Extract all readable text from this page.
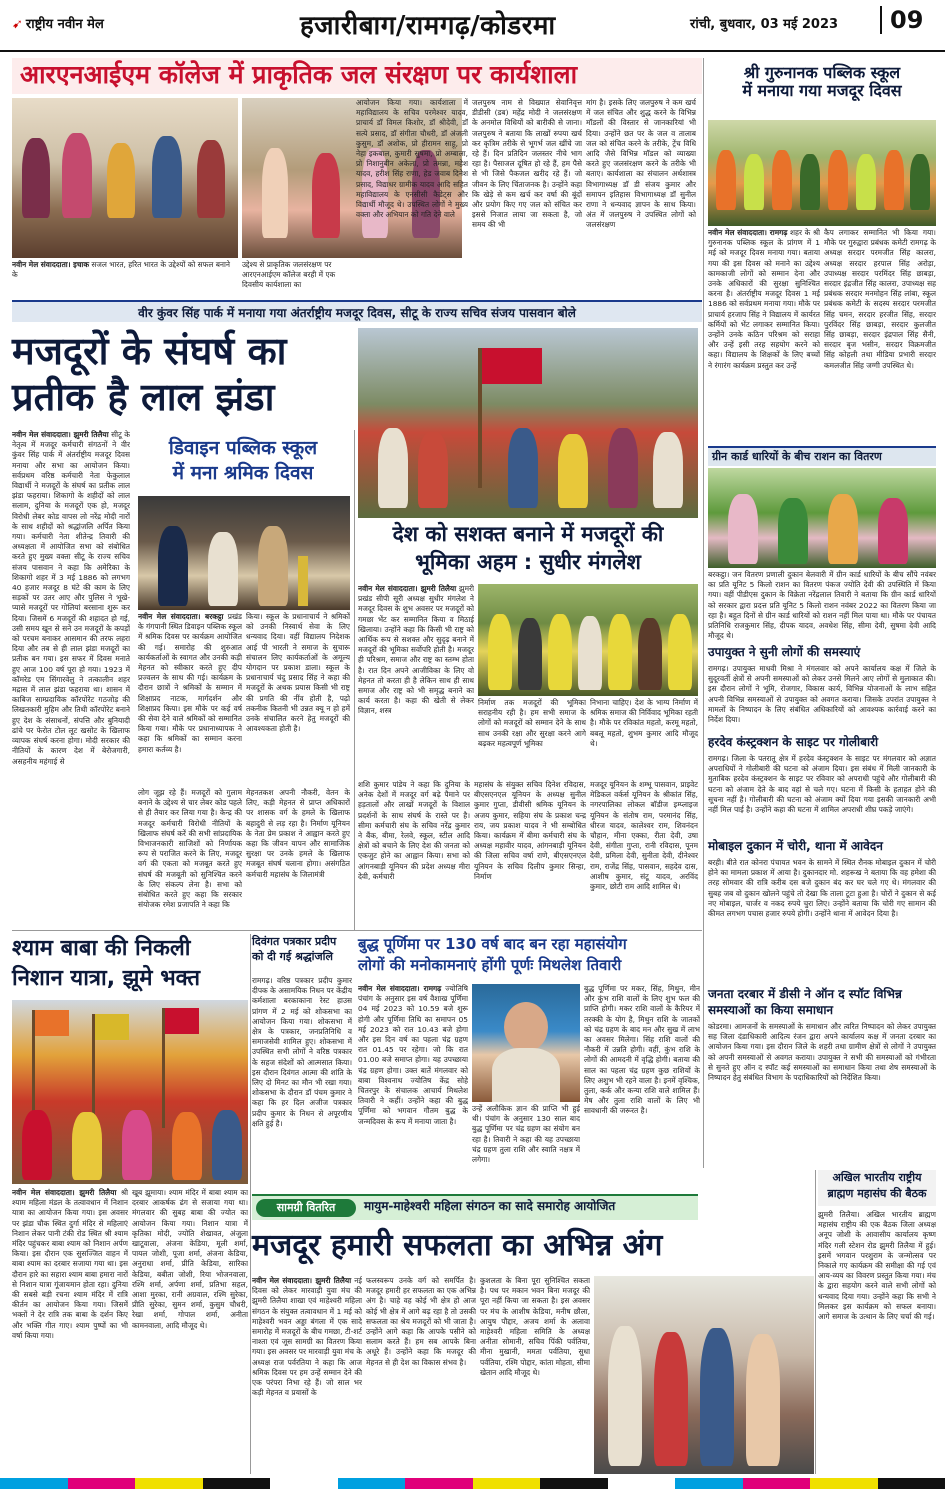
➹ राष्ट्रीय नवीन मेल	हजारीबाग/रामगढ़/कोडरमा	रांची, बुधवार, 03 मई 2023	09
आरएनआईएम कॉलेज में प्राकृतिक जल संरक्षण पर कार्यशाला
नवीन मेल संवाददाता। इचाक सजल भारत, हरित भारत के उद्देश्यों को सफल बनाने के
उद्देश्य से प्राकृतिक जलसंरक्षण पर आरएनआईएम कॉलेज बरही में एक दिवसीय कार्यशाला का
आयोजन किया गया। कार्यशाला में महाविद्यालय के सचिव परमेश्वर यादव, प्राचार्य डॉ विमल किशोर, डॉ श्रीदेवी, डॉ सत्ये प्रसाद, डॉ संगीता चौधरी, डॉ अंजली कुसुम, डॉ अशोक, प्रो हीरामन साहू, प्रो नेहा इकबाल, कुमारी सुषमा, प्रो अम्बाला, प्रो निशानुबीन अकेला, प्रो तमन्ना, महेश यादव, हरीश सिंह राणा, हेड जवाब दिनेश प्रसाद, विद्याधर ग्रामीक यादव आदि सहित महाविद्यालय के एनसीसी कैडेट्स और विद्यार्थी मौजूद थे। उपस्थित लोगों ने मुख्य वक्ता और अभियान को गति देने वाले
जलपुरुष नाम से विख्यात सेवानिवृत्त डीडीसी (डब) महेंद्र मोदी ने जलसंरक्षण के अनमोल विधियों को बारीकी से जाना। जलपुरुष ने बताया कि लाखों रुपया खर्च कर कृत्रिम तरीके से भूगर्भ जल खींचे जा रहे हैं। दिन प्रतिदिन जलस्तर नीचे भाग रहा है। पैसाजल दूषित हो रहे हैं, हम पैसे से भी जिसे पैकजल खरीद रहे हैं। जो जीवन के लिए चिंताजनक है। उन्होंने कहा कि खेड़े से कम खर्च कर वर्षा की बूंदों और प्रयोग किए गए जल को संचित कर इससे निजात लाया जा सकता है, जो समय की भी
मांग है। इसके लिए जलपुरुष ने कम खर्च में जल संचित और शुद्ध करने के विभिन्न मॉडलों की विस्तार से जानकारियां भी दिया। उन्होंने छत पर के जल व तालाब जल को संचित करने के तरीके, ट्रेंच विधि आदि जैसे विभिन्न मॉडल को व्याख्या करते हुए जलसंरक्षण करने के तरीके भी बताए। कार्यशाला का संचालन अर्थशास्त्र विभागाध्यक्ष डॉ डी संजय कुमार और समापन इतिहास विभागाध्यक्ष डॉ सुनील राणा ने धन्यवाद ज्ञापन के साथ किया। अंत में जलपुरुष ने उपस्थित लोगों को जलसंरक्षण
श्री गुरुनानक पब्लिक स्कूल
में मनाया गया मजदूर दिवस
नवीन मेल संवाददाता। रामगढ़ शहर के श्री गुरुनानक पब्लिक स्कूल के प्रांगण में 1 मई को मजदूर दिवस मनाया गया। बताया गया की इस दिवस को मनाने का उद्देश्य कामकाजी लोगों को सम्मान देना और उनके अधिकारों की सुरक्षा सुनिश्चित करना है। अंतर्राष्ट्रीय मजदूर दिवस 1 मई 1886 को सर्वप्रथम मनाया गया। मौके पर प्राचार्य हरजाप सिंह ने विद्यालय में कार्यरत कर्मियों को भेंट लगाकर सम्मानित किया। उन्होंने उनके कठिन परिश्रम को सराहा और उन्हें इसी तरह सहयोग करने को कहा। विद्यालय के शिक्षकों के लिए बच्चों ने रंगारंग कार्यक्रम प्रस्तुत कर उन्हें
कैप लगाकर सम्मानित भी किया गया। मौके पर गुरुद्वारा प्रबंधक कमेटी रामगढ़ के अध्यक्ष सरदार परमजीत सिंह कालरा, अध्यक्ष सरदार हरपाल सिंह अरोड़ा, उपाध्यक्ष सरदार परमिंदर सिंह छाबड़ा, सरदार इंद्रजीत सिंह कालरा, उपाध्यक्ष सह प्रबंधक सरदार मनमोहन सिंह लांबा, स्कूल प्रबंधक कमेटी के सदस्य सरदार परमजीत सिंह चमन, सरदार हरजीत सिंह, सरदार पुरविंदर सिंह छाबड़ा, सरदार कुलजीत सिंह छाबड़ा, सरदार इंद्रपाल सिंह सैनी, सरदार बृज भसीन, सरदार विक्रमजीत सिंह कोहली तथा मीडिया प्रभारी सरदार कमलजीत सिंह जग्गी उपस्थित थे।
वीर कुंवर सिंह पार्क में मनाया गया अंतर्राष्ट्रीय मजदूर दिवस, सीटू के राज्य सचिव संजय पासवान बोले
मजदूरों के संघर्ष का
प्रतीक है लाल झंडा
नवीन मेल संवाददाता। झुमरी तिलैया सीटू के नेतृत्व में मजदूर कर्मचारी संगठनों ने वीर कुंवर सिंह पार्क में अंतर्राष्ट्रीय मजदूर दिवस मनाया और सभा का आयोजन किया। सर्वप्रथम वरिष्ठ कर्मचारी नेता फेकुलाल विद्यार्थी ने मजदूरों के संघर्ष का प्रतीक लाल झंडा फहराया। शिकागो के शहीदों को लाल सलाम, दुनिया के मजदूरों एक हो, मजदूर विरोधी लेबर कोड वापस लो नरेंद्र मोदी नारों के साथ शहीदों को श्रद्धांजलि अर्पित किया गया। कर्मचारी नेता शीतेन्द्र तिवारी की अध्यक्षता में आयोजित सभा को संबोधित करते हुए मुख्य वक्ता सीटू के राज्य सचिव संजय पासवान ने कहा कि अमेरिका के शिकागो शहर में 3 मई 1886 को लगभग 40 हजार मजदूर 8 घंटे की काम के लिए सड़कों पर उतर आए और पुलिस ने भूखे-प्यासे मजदूरों पर गोलियां बरसाना शुरू कर दिया। जिसमें 6 मजदूरों की शहादत हो गई, उसी समय खून से सने उन मजदूरों के कपड़ों को परचम बनाकर आसमान की तरफ लहरा दिया और तब से ही लाल झंडा मजदूरों का प्रतीक बन गया। इस सफर में दिवस मनाते हुए आज 100 वर्ष पूरा हो गया। 1923 में कॉमरेड एम सिंगारवेलु ने तत्कालीन शहर मद्रास में लाल झंडा फहराया था। शासन में काबिज साम्प्रदायिक कॉरपोरेट गठजोड़ की लिखतकारी मुहिम और तिथी कॉरपोरेट बनाने हुए देश के संसाधनों, संपत्ति और बुनियादी ढांचे पर फेरोत टोल लूट खसोट के खिलाफ व्यापक संघर्ष करना होगा। मोदी सरकार की नीतियों के कारण देश में बेरोजगारी, असहनीय महंगाई से
डिवाइन पब्लिक स्कूल
में मना श्रमिक दिवस
नवीन मेल संवाददाता। बरकट्ठा प्रखंड के गंगपानी स्थित डिवाइन पब्लिक स्कूल में श्रमिक दिवस पर कार्यक्रम आयोजित की गई। समारोह की शुरुआत कार्यकर्ताओं के स्वागत और उनकी कड़ी मेहनत को स्वीकार करते हुए दीप प्रज्वलन के साथ की गई। कार्यक्रम के दौरान छात्रों ने श्रमिकों के सम्मान में शिक्षाप्रद नाटक, मार्गदर्शन और शिक्षाप्रद किया। इस मौके पर कई वर्ष की सेवा देने वाले श्रमिकों को सम्मानित किया गया। मौके पर प्रधानाध्यापक ने कहा कि श्रमिकों का सम्मान करना हमारा कर्तव्य है।
किया। स्कूल के प्रधानाचार्य ने श्रमिकों को उनकी निस्वार्थ सेवा के लिए धन्यवाद दिया। वहीं विद्यालय निदेशक आई पी भारती ने समाज के सुचारू संचालन लिए कार्यकर्ताओं के अमूल्य योगदान पर प्रकाश डाला। स्कूल के प्रधानाचार्य चंदु प्रसाद सिंह ने कहा की मजदूरों के अथक प्रयास किसी भी राष्ट्र की प्रगति की नींव होती है, पढ़ो तकनीक कितनी भी उन्नत क्यू न हो हमें उनके संचालित करने हेतु मजदूरों की आवश्यकता होती है।
लोग जूझ रहे हैं। मजदूरों को गुलाम बनाने के उद्देश्य से चार लेबर कोड पहले से ही तैयार कर लिया गया है। केन्द्र की मजदूर कर्मचारी विरोधी नीतियों के खिलाफ संघर्ष करें की सभी सांप्रदायिक विभाजनकारी साजिशों को निर्णायक रूप से पराजित करने के लिए, मजदूर वर्ग की एकता को मजबूत करते हुए संघर्ष की मजबूती को सुनिश्चित करने के लिए संकल्प लेना है। सभा को संबोधित करते हुए कहा कि सरकार संयोजक रमेश प्रजापति ने कहा कि
मेहनतकश अपनी नौकरी, वेतन के लिए, कड़ी मेहनत से प्राप्त अधिकारों पर शासक वर्ग के हमले के खिलाफ बहादुरी से लड़ रहा है। निर्माण यूनियन के नेता प्रेम प्रकाश ने आह्वान करते हुए कहा कि जीवन यापन और सामाजिक सुरक्षा पर उनके हमले के खिलाफ मजबूत संघर्ष चलाना होगा। असंगठित कर्मचारी महासंघ के जिलामंत्री
देश को सशक्त बनाने में मजदूरों की
भूमिका अहम : सुधीर मंगलेश
नवीन मेल संवाददाता। झुमरी तिलैया झुमरी प्रखंड सीपी सूरी अध्यक्ष सुधीर मंगलेश ने मजदूर दिवस के शुभ अवसर पर मजदूरों को गमछा भेंट कर सम्मानित किया व मिठाई खिलाया। उन्होंने कहा कि किसी भी राष्ट्र को आर्थिक रूप से सशक्त और सुदृढ़ बनाने में मजदूरों की भूमिका सर्वोपरि होती है। मजदूर ही परिश्रम, समाज और राष्ट्र का स्तम्भ होता है। रात दिन अपने आजीविका के लिए वो मेहनत तो करता ही है लेकिन साथ ही साथ समाज और राष्ट्र को भी समृद्ध बनाने का कार्य करता है। कहा की खेती से लेकर विज्ञान, शस्त्र
निर्माण तक मजदूरों की भूमिका सराहनीय रही है। हम सभी समाज के लोगों को मजदूरों को सम्मान देने के साथ साथ उनकी रक्षा और सुरक्षा करने आगे बढ़कर महत्वपूर्ण भूमिका
निभाना चाहिए। देश के भाग्य निर्माण में श्रमिक समाज की निर्विवाद भूमिका रहती है। मौके पर रविकांत महतो, करमू महतो, बबलू महतो, शुभम कुमार आदि मौजूद थे।
शशि कुमार पांडेय ने कहा कि दुनिया के अनेक देशों में मजदूर वर्ग बढ़े पैमाने पर हड़तालों और लाखों मजदूरों के विशाल प्रदर्शनों के साथ संघर्ष के रास्ते पर है। सीमा कर्मचारी संघ के सचिव नरेंद्र कुमार ने बैंक, बीमा, रेलवे, स्कूल, स्टील आदि क्षेत्रों को बचाने के लिए देश की जनता को एकजुट होने का आह्वान किया। सभा को आंगनबाड़ी यूनियन की प्रदेश अध्यक्ष मीरा देवी, कर्मचारी
महासंघ के संयुक्त सचिव दिनेश रविदास, बीएसएनएल यूनियन के अध्यक्ष सुनील कुमार गुप्ता, डीवीसी श्रमिक यूनियन के अजय कुमार, सहिया संघ के प्रकाश चन्द्र राय, जय प्रकाश यादव ने भी सम्बोधित किया। कार्यक्रम में बीमा कर्मचारी संघ के अध्यक्ष महावीर यादव, आंगनबाड़ी यूनियन की जिला सचिव वर्षा राणे, बीएसएनएल यूनियन के सचिव दिलीप कुमार सिन्हा, निर्माण
मजदूर यूनियन के शम्भू पासवान, प्राइवेट मेडिकल वर्कर्स यूनियन के श्रीकांत सिंह, नगरपालिका लोकल बॉडीज इम्प्लाइज यूनियन के संतोष राम, परमानंद सिंह, धीरज यादव, कालेश्वर राम, शिवनंदन चौहान, मीना एक्का, रीता देवी, उषा देवी, संगीता गुप्ता, रानी रविदास, पूनम देवी, प्रमिला देवी, सुनीता देवी, दीनेश्वर राम, राजेंद्र सिंह, पासवान, सहदेव दास, आशीष कुमार, संटू यादव, अरविंद कुमार, छोटी राम आदि शामिल थे।
ग्रीन कार्ड धारियों के बीच राशन का वितरण
बरकट्ठा। जन वितरण प्रणाली दुकान बेलवारी में ग्रीन कार्ड धारियों के बीच सौंपे नवंबर का प्रति यूनिट 5 किलो राशन का वितरण पंकज ज्योति देवी की उपस्थिति में किया गया। वहीं पीडीएस दुकान के विक्रेता नरेंद्रलाल तिवारी ने बताया कि ग्रीन कार्ड धारियों को सरकार द्वारा प्रदत्त प्रति यूनिट 5 किलो राशन नवंबर 2022 का वितरण किया जा रहा है। बहुत दिनों से ग्रीन कार्ड धारियों को राशन नहीं मिल पाया था। मौके पर पंचायत प्रतिनिधि राजकुमार सिंह, दीपक यादव, अवधेश सिंह, सीमा देवी, सुषमा देवी आदि मौजूद थे।
उपायुक्त ने सुनी लोगों की समस्याएं
रामगढ़। उपायुक्त माधवी मिश्रा ने मंगलवार को अपने कार्यालय कक्ष में जिले के सुदूरवर्ती क्षेत्रों से अपनी समस्याओं को लेकर उनसे मिलने आए लोगों से मुलाकात की। इस दौरान लोगों ने भूमि, रोजगार, विकास कार्य, विभिन्न योजनाओं के लाभ सहित अपनी विभिन्न समस्याओं से उपायुक्त को अवगत कराया। जिसके उपरांत उपायुक्त ने मामलों के निष्पादन के लिए संबंधित अधिकारियों को आवश्यक कार्रवाई करने का निर्देश दिया।
हरदेव कंस्ट्रक्शन के साइट पर गोलीबारी
रामगढ़। जिला के पतरातू क्षेत्र में हरदेव कंस्ट्रक्शन के साइट पर मंगलवार को अज्ञात अपराधियों ने गोलीबारी की घटना को अंजाम दिया। इस संबंध में मिली जानकारी के मुताबिक हरदेव कंस्ट्रक्शन के साइट पर रविवार को अपराधी पहुंचे और गोलीबारी की घटना को अंजाम देते के बाद वहां से चले गए। घटना में किसी के हताहत होने की सूचना नहीं है। गोलीबारी की घटना को अंजाम क्यों दिया गया इसकी जानकारी अभी नहीं मिल पाई है। उन्होंने कहा की घटना में शामिल अपराधी शीघ्र पकड़े जाएंगे।
मोबाइल दुकान में चोरी, थाना में आवेदन
बरही। बीते रात कोनरा पंचायत भवन के सामने में स्थित रौनक मोबाइल दुकान में चोरी होने का मामला प्रकाश में आया है। दुकानदार मो. शहरूख ने बताया कि वह हमेशा की तरह सोमवार की रात्रि करीब दस बजे दुकान बंद कर घर चले गए थे। मंगलवार की सुबह जब वो दुकान खोलने पहुंचे तो देखा कि ताला टूटा हुआ है। चोरों ने दुकान से कई नए मोबाइल, चार्जर व नकद रुपये चुरा लिए। उन्होंने बताया कि चोरी गए सामान की कीमत लगभग पचास हजार रुपये होगी। उन्होंने थाना में आवेदन दिया है।
जनता दरबार में डीसी ने ऑन द स्पॉट विभिन्न
समस्याओं का किया समाधान
कोडरमा। आमजनों के समस्याओं के समाधान और त्वरित निष्पादन को लेकर उपायुक्त सह जिला दंडाधिकारी आदित्य रंजन द्वारा अपने कार्यालय कक्ष में जनता दरबार का आयोजन किया गया। इस दौरान जिले के शहरी तथा ग्रामीण क्षेत्रों से लोगों ने उपायुक्त को अपनी समस्याओं से अवगत कराया। उपायुक्त ने सभी की समस्याओं को गंभीरता से सुनते हुए ऑन द स्पॉट कई समस्याओं का समाधान किया तथा शेष समस्याओं के निष्पादन हेतु संबंधित विभाग के पदाधिकारियों को निर्देशित किया।
श्याम बाबा की निकली
निशान यात्रा, झूमे भक्त
नवीन मेल संवाददाता। झुमरी तिलैया श्री श्याम महिला मंडल के तत्वावधान में निशान यात्रा का आयोजन किया गया। इस अवसर पर झंडा चौक स्थित दुर्गा मंदिर से महिलाएं निशान लेकर पानी टंकी रोड स्थित श्री श्याम मंदिर पहुंचकर बाबा श्याम को निशान अर्पण किया। इस दौरान एक सुसज्जित वाहन में बाबा श्याम का दरबार सजाया गया था। इस दौरान हारे का सहारा श्याम बाबा हमारा नारों से निशान यात्रा गूंजायमान होता रहा। दुनिया की सबसे बड़ी रचना श्याम मंदिर में रात्रि कीर्तन का आयोजन किया गया। जिसमें भक्तों ने देर रात्रि तक बाबा के दर्शन किए और भक्ति गीत गाए। श्याम पुष्पों का भी वर्षा किया गया।
खूब झूमाया। श्याम मंदिर में बाबा श्याम का दरबार आकर्षक ढंग से सजाया गया था। मंगलवार की सुबह बाबा की ज्योत का आयोजन किया गया। निशान यात्रा में कृतिका मोदी, ज्योति शेखावत, अंजुला खाटूवाला, अंजना केडिया, मूली शर्मा, पायल जोशी, पूजा शर्मा, अंजना केडिया, अनुराधा शर्मा, प्रीति केडिया, सारिका केडिया, बबीता जोशी, रिया भोजनवाला, रश्मि शर्मा, अर्पणा शर्मा, प्रतिभा सहल, आशा मुरका, रानी अग्रवाल, रश्मि सुरेका, प्रीति सुरेका, सुमन शर्मा, कुसुम चौधरी, रेखा शर्मा, गोपाल शर्मा, अनीता कामनवाला, आदि मौजूद थे।
दिवंगत पत्रकार प्रदीप
को दी गई श्रद्धांजलि
रामगढ़। वरिष्ठ पत्रकार प्रदीप कुमार दीपक के असामयिक निधन पर केंद्रीय कर्मशाला बरकाकाना रेस्ट हाउस प्रांगण में 2 मई को शोकसभा का आयोजन किया गया। शोकसभा में क्षेत्र के पत्रकार, जनप्रतिनिधि व समाजसेवी शामिल हुए। शोकसभा में उपस्थित सभी लोगों ने वरिष्ठ पत्रकार के सहज संदेशों को आत्मसात किया। इस दौरान दिवंगत आत्मा की शांति के लिए दो मिनट का मौन भी रखा गया। शोकसभा के दौरान डॉ पंचम कुमार ने कहा कि हर दिल अजीज पत्रकार प्रदीप कुमार के निधन से अपूरणीय क्षति हुई है।
बुद्ध पूर्णिमा पर 130 वर्ष बाद बन रहा महासंयोग
लोगों की मनोकामनाएं होंगी पूर्णः मिथलेश तिवारी
नवीन मेल संवाददाता। रामगढ़ ज्योतिषि पंचांग के अनुसार इस वर्ष वैशाख पूर्णिमा 04 मई 2023 को 10.59 बजे शुरू होगी और पूर्णिमा तिथि का समापन 05 मई 2023 को रात 10.43 बजे होगा और इस दिन वर्ष का पहला चंद्र ग्रहण रात 01.45 पर रहेगा। जो कि रात 01.00 बजे समाप्त होगा। यह उपच्छाया चंद्र ग्रहण होगा। उक्त बातें मंगलवार को बाबा विश्वनाथ ज्योतिष केंद्र सोहे चितरपुर के संचालक आचार्य मिथलेश तिवारी ने कहीं। उन्होंने कहा की बुद्ध पूर्णिमा को भगवान गौतम बुद्ध के जन्मदिवस के रूप में मनाया जाता है।
उन्हें अलौकिक ज्ञान की प्राप्ति भी हुई थी। पंचांग के अनुसार 130 साल बाद बुद्ध पूर्णिमा पर चंद्र ग्रहण का संयोग बन रहा है। तिवारी ने कहा की यह उपच्छाया चंद्र ग्रहण तुला राशि और स्वाति नक्षत्र में लगेगा।
बुद्ध पूर्णिमा पर मकर, सिंह, मिथुन, मीन और कुंभ राशि वालों के लिए शुभ फल की प्राप्ति होगी। मकर राशि वालों के कैरियर में तरक्की के योग है, मिथुन राशि के जातकों को चंद्र ग्रहण के बाद मन और सुख में लाभ का अवसर मिलेगा। सिंह राशि वालों की नौकरी में उन्नति होगी। वहीं, कुंभ राशि के लोगों की आमदनी में वृद्धि होगी। बताया की साल का पहला चंद्र ग्रहण कुछ राशियों के लिए अशुभ भी रहने वाला है। इनमें वृश्चिक, तुला, कर्क और कन्या राशि वाले शामिल हैं। मेष और तुला राशि वालों के लिए भी सावधानी की जरूरत है।
सामग्री वितरित	मायुम-माहेश्वरी महिला संगठन का सादे समारोह आयोजित
मजदूर हमारी सफलता का अभिन्न अंग
नवीन मेल संवाददाता। झुमरी तिलैया नई दिवस को लेकर मारवाड़ी युवा मंच की झुमरी तिलैया शाखा एवं माहेश्वरी महिला संगठन के संयुक्त तत्वावधान में 1 मई को माहेश्वरी भवन अड्डा बंगला में एक सादे समारोह में मजदूरों के बीच गमछा, टी-शर्ट नाश्ता एवं जूस सामग्री का वितरण किया गया। इस अवसर पर मारवाड़ी युवा मंच के अध्यक्ष राज पर्वरतिया ने कहा कि आज श्रमिक दिवस पर हम उन्हें सम्मान देने की एक परंपरा निभा रहे हैं। जो साल भर कड़ी मेहनत व प्रयासों के
फलस्वरूप उनके वर्ग को समर्पित है। मजदूर हमारी हर सफलता का एक अभिन्न अंग है। चाहे वह कोई भी क्षेत्र हो आज कोई भी क्षेत्र में आगे बढ़ रहा है तो उसकी सफलता का श्रेय मजदूरों को भी जाता है। उन्होंने आगे कहा कि आपके पसीने को सलाम करते हैं। हम सब आपके बिना अधूरे हैं। उन्होंने कहा कि मजदूर की मेहनत से ही देश का विकास संभव है।
कुशलता के बिना पूरा सुनिश्चित सकता है। पथ पर मकान भवन बिना मजदूर की पूरा नहीं किया जा सकता है। इस अवसर पर मंच के आशीष केडिया, मनीष छौला, आयुष पौद्दार, अजय शर्मा के अलावा माहेश्वरी महिला समिति के अध्यक्ष अनीता सोमानी, सचिव पिंकी पर्वतिया, मीना मुखानी, ममता पर्वतिया, सुधा पर्वतिया, रश्मि पोद्दार, कांता मोहता, सीमा खेतान आदि मौजूद थे।
अखिल भारतीय राष्ट्रीय
ब्राह्मण महासंघ की बैठक
झुमरी तिलैया। अखिल भारतीय ब्राह्मण महासंघ राष्ट्रीय की एक बैठक जिला अध्यक्ष अनूप जोशी के आवासीय कार्यालय कृष्ण मंदिर गली स्टेशन रोड झुमरी तिलैया में हुई। इसमें भगवान परशुराम के जन्मोत्सव पर निकाले गए कार्यक्रम की समीक्षा की गई एवं आय-व्यय का विवरण प्रस्तुत किया गया। मंच के द्वारा सहयोग करने वाले सभी लोगों को धन्यवाद दिया गया। उन्होंने कहा कि सभी ने मिलकर इस कार्यक्रम को सफल बनाया। आगे समाज के उत्थान के लिए चर्चा की गई।
